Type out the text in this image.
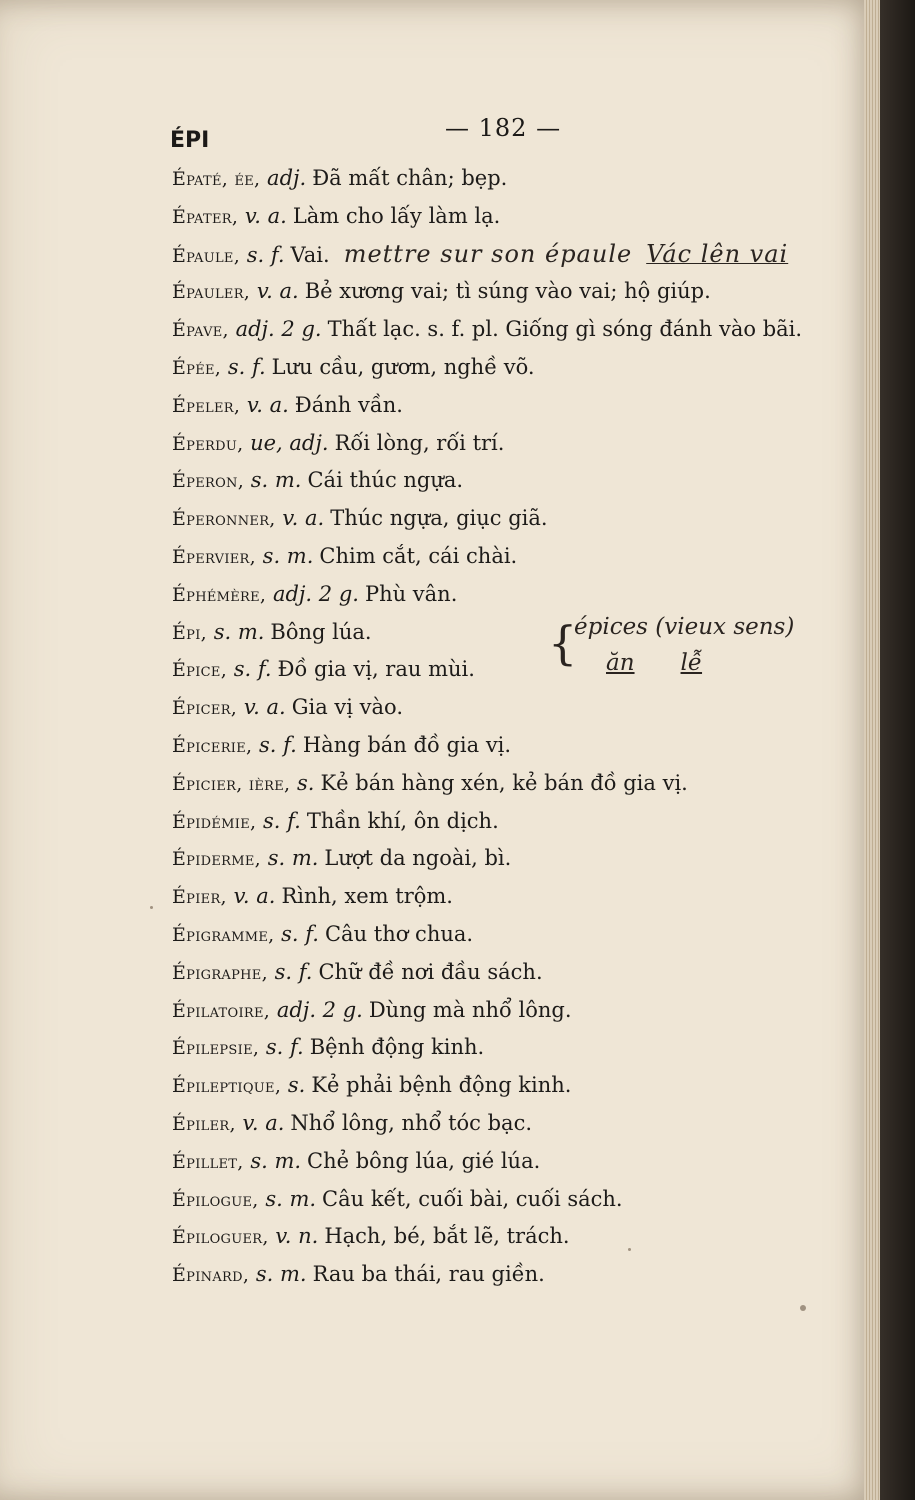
ÉPI	— 182 —
Épaté, ée, adj. Đã mất chân; bẹp.
Épater, v. a. Làm cho lấy làm lạ.
Épaule, s. f. Vai. mettre sur son épaule Vác lên vai
Épauler, v. a. Bẻ xương vai; tì súng vào vai; hộ giúp.
Épave, adj. 2 g. Thất lạc. s. f. pl. Giống gì sóng đánh vào bãi.
Épée, s. f. Lưu cầu, gươm, nghề võ.
Épeler, v. a. Đánh vần.
Éperdu, ue, adj. Rối lòng, rối trí.
Éperon, s. m. Cái thúc ngựa.
Éperonner, v. a. Thúc ngựa, giục giã.
Épervier, s. m. Chim cắt, cái chài.
Éphémère, adj. 2 g. Phù vân.
Épi, s. m. Bông lúa.
Épice, s. f. Đồ gia vị, rau mùi.
Épicer, v. a. Gia vị vào.
Épicerie, s. f. Hàng bán đồ gia vị.
Épicier, ière, s. Kẻ bán hàng xén, kẻ bán đồ gia vị.
Épidémie, s. f. Thần khí, ôn dịch.
Épiderme, s. m. Lượt da ngoài, bì.
Épier, v. a. Rình, xem trộm.
Épigramme, s. f. Câu thơ chua.
Épigraphe, s. f. Chữ đề nơi đầu sách.
Épilatoire, adj. 2 g. Dùng mà nhổ lông.
Épilepsie, s. f. Bệnh động kinh.
Épileptique, s. Kẻ phải bệnh động kinh.
Épiler, v. a. Nhổ lông, nhổ tóc bạc.
Épillet, s. m. Chẻ bông lúa, gié lúa.
Épilogue, s. m. Câu kết, cuối bài, cuối sách.
Épiloguer, v. n. Hạch, bé, bắt lẽ, trách.
Épinard, s. m. Rau ba thái, rau giền.
{
épices (vieux sens)
ăn lễ
